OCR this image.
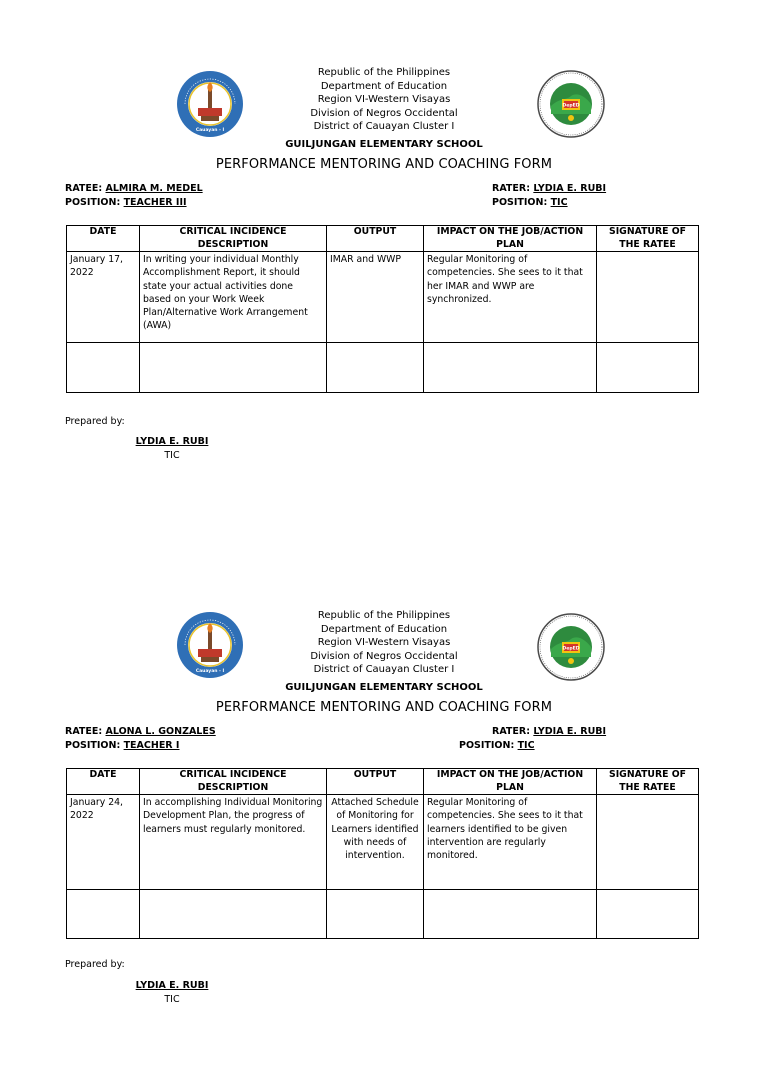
Cauayan - I
Republic of the Philippines
Department of Education
Region VI-Western Visayas
Division of Negros Occidental
District of Cauayan Cluster I
DepED
GUILJUNGAN ELEMENTARY SCHOOL
PERFORMANCE MENTORING AND COACHING FORM
RATEE: ALMIRA M. MEDEL
POSITION: TEACHER III
RATER: LYDIA E. RUBI
POSITION: TIC
DATE	CRITICAL INCIDENCE DESCRIPTION	OUTPUT	IMPACT ON THE JOB/ACTION PLAN	SIGNATURE OF THE RATEE
January 17, 2022	In writing your individual Monthly Accomplishment Report, it should state your actual activities done based on your Work Week Plan/Alternative Work Arrangement (AWA)	IMAR and WWP	Regular Monitoring of competencies. She sees to it that her IMAR and WWP are synchronized.	

Prepared by:
LYDIA E. RUBI
TIC
Cauayan - I
Republic of the Philippines
Department of Education
Region VI-Western Visayas
Division of Negros Occidental
District of Cauayan Cluster I
DepED
GUILJUNGAN ELEMENTARY SCHOOL
PERFORMANCE MENTORING AND COACHING FORM
RATEE: ALONA L. GONZALES
POSITION: TEACHER I
RATER: LYDIA E. RUBI
POSITION: TIC
DATE	CRITICAL INCIDENCE DESCRIPTION	OUTPUT	IMPACT ON THE JOB/ACTION PLAN	SIGNATURE OF THE RATEE
January 24, 2022	In accomplishing Individual Monitoring Development Plan, the progress of learners must regularly monitored.	Attached Schedule of Monitoring for Learners identified with needs of intervention.	Regular Monitoring of competencies. She sees to it that learners identified to be given intervention are regularly monitored.	

Prepared by:
LYDIA E. RUBI
TIC
